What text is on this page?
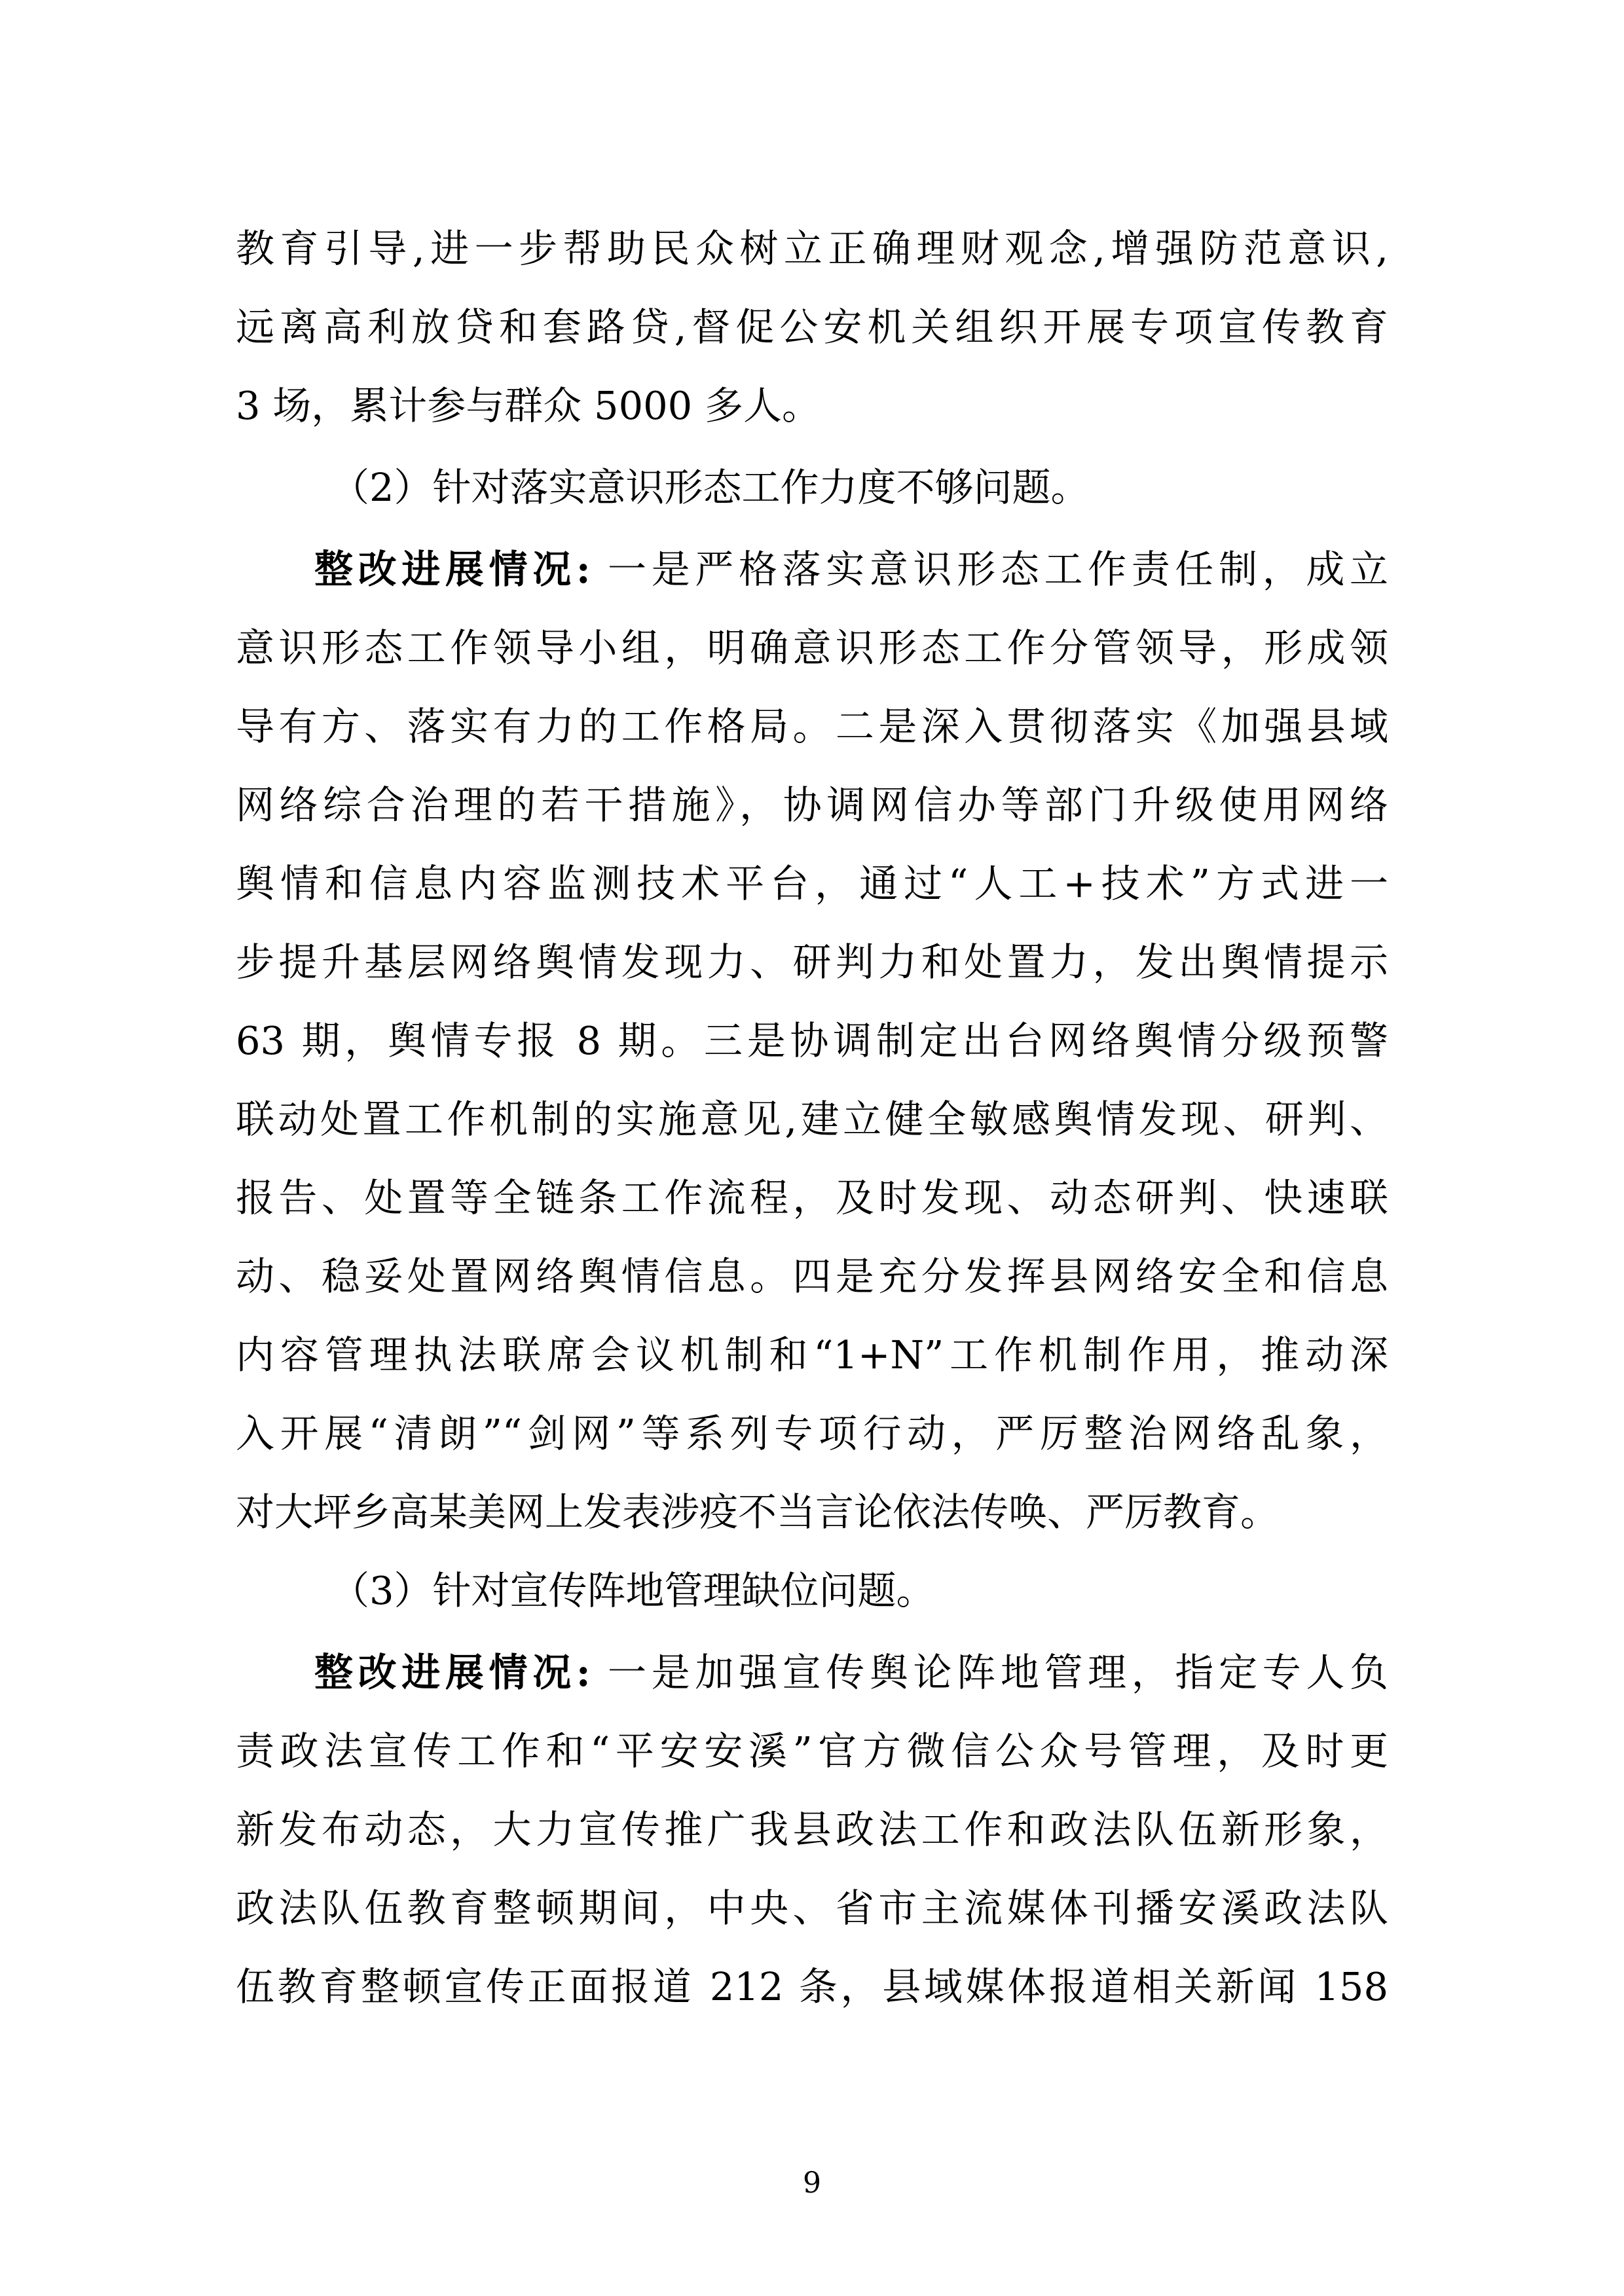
教育引导,进一步帮助民众树立正确理财观念,增强防范意识,
远离高利放贷和套路贷,督促公安机关组织开展专项宣传教育
3 场，累计参与群众 5000 多人。
（2）针对落实意识形态工作力度不够问题。
整改进展情况: 一是严格落实意识形态工作责任制，成立
意识形态工作领导小组，明确意识形态工作分管领导，形成领
导有方、落实有力的工作格局。二是深入贯彻落实《加强县域
网络综合治理的若干措施》，协调网信办等部门升级使用网络
舆情和信息内容监测技术平台，通过“人工+技术”方式进一
步提升基层网络舆情发现力、研判力和处置力，发出舆情提示
63 期，舆情专报 8 期。三是协调制定出台网络舆情分级预警
联动处置工作机制的实施意见,建立健全敏感舆情发现、研判、
报告、处置等全链条工作流程，及时发现、动态研判、快速联
动、稳妥处置网络舆情信息。四是充分发挥县网络安全和信息
内容管理执法联席会议机制和“1+N”工作机制作用，推动深
入开展“清朗”“剑网”等系列专项行动，严厉整治网络乱象，
对大坪乡高某美网上发表涉疫不当言论依法传唤、严厉教育。
（3）针对宣传阵地管理缺位问题。
整改进展情况: 一是加强宣传舆论阵地管理，指定专人负
责政法宣传工作和“平安安溪”官方微信公众号管理，及时更
新发布动态，大力宣传推广我县政法工作和政法队伍新形象，
政法队伍教育整顿期间，中央、省市主流媒体刊播安溪政法队
伍教育整顿宣传正面报道 212 条，县域媒体报道相关新闻 158
9
